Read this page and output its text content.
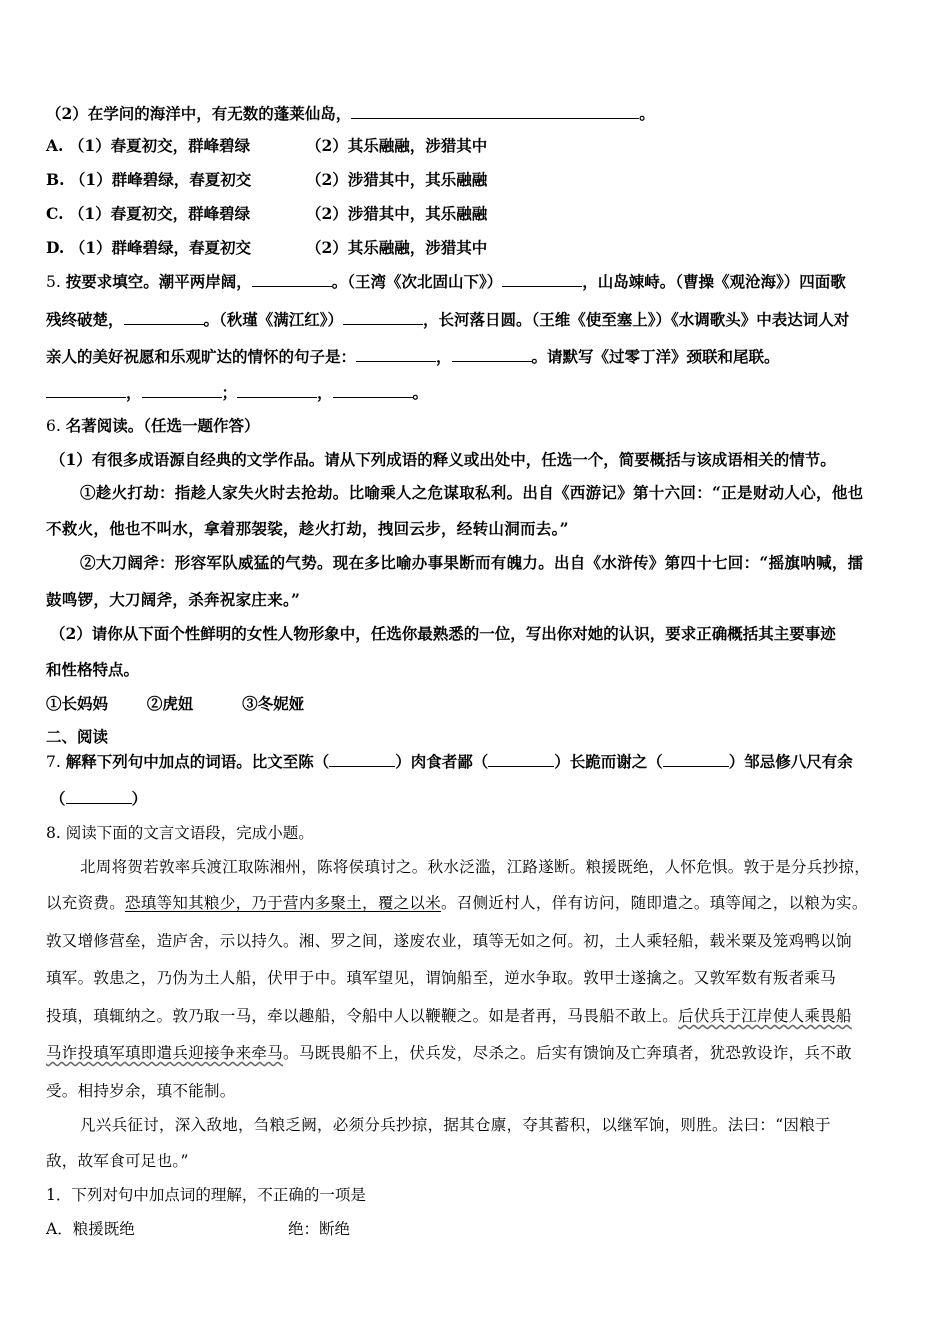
（2）在学问的海洋中，有无数的蓬莱仙岛，	。
A. （1）春夏初交，群峰碧绿	（2）其乐融融，涉猎其中
B. （1）群峰碧绿，春夏初交	（2）涉猎其中，其乐融融
C. （1）春夏初交，群峰碧绿	（2）涉猎其中，其乐融融
D. （1）群峰碧绿，春夏初交	（2）其乐融融，涉猎其中
5. 按要求填空。潮平两岸阔，	。（王湾《次北固山下》）	，山岛竦峙。（曹操《观沧海》）四面歌
残终破楚，	。（秋瑾《满江红》）	，长河落日圆。（王维《使至塞上》）《水调歌头》中表达词人对
亲人的美好祝愿和乐观旷达的情怀的句子是：	，	。请默写《过零丁洋》颈联和尾联。
，	；	，	。
6. 名著阅读。（任选一题作答）
（1）有很多成语源自经典的文学作品。请从下列成语的释义或出处中，任选一个，简要概括与该成语相关的情节。
①趁火打劫：指趁人家失火时去抢劫。比喻乘人之危谋取私利。出自《西游记》第十六回：“正是财动人心，他也
不救火，他也不叫水，拿着那袈裟，趁火打劫，拽回云步，经转山洞而去。”
②大刀阔斧：形容军队威猛的气势。现在多比喻办事果断而有魄力。出自《水浒传》第四十七回：“摇旗呐喊，擂
鼓鸣锣，大刀阔斧，杀奔祝家庄来。”
（2）请你从下面个性鲜明的女性人物形象中，任选你最熟悉的一位，写出你对她的认识，要求正确概括其主要事迹
和性格特点。
①长妈妈	②虎妞	③冬妮娅
二、阅读
7. 解释下列句中加点的词语。比文至陈（	）肉食者鄙（	）长跪而谢之（	）邹忌修八尺有余
（	）
8. 阅读下面的文言文语段，完成小题。
北周将贺若敦率兵渡江取陈湘州，陈将侯瑱讨之。秋水泛滥，江路遂断。粮援既绝，人怀危惧。敦于是分兵抄掠，
以充资费。恐瑱等知其粮少，乃于营内多聚土，覆之以米。召侧近村人，佯有访问，随即遣之。瑱等闻之，以粮为实。
敦又增修营垒，造庐舍，示以持久。湘、罗之间，遂废农业，瑱等无如之何。初，土人乘轻船，载米粟及笼鸡鸭以饷
瑱军。敦患之，乃伪为土人船，伏甲于中。瑱军望见，谓饷船至，逆水争取。敦甲士遂擒之。又敦军数有叛者乘马
投瑱，瑱辄纳之。敦乃取一马，牵以趣船，令船中人以鞭鞭之。如是者再，马畏船不敢上。后伏兵于江岸使人乘畏船
马诈投瑱军瑱即遣兵迎接争来牵马。马既畏船不上，伏兵发，尽杀之。后实有馈饷及亡奔瑱者，犹恐敦设诈，兵不敢
受。相持岁余，瑱不能制。
凡兴兵征讨，深入敌地，刍粮乏阙，必须分兵抄掠，据其仓廪，夺其蓄积，以继军饷，则胜。法曰：“因粮于
敌，故军食可足也。”
1．下列对句中加点词的理解，不正确的一项是
A．粮援既绝	绝：断绝
